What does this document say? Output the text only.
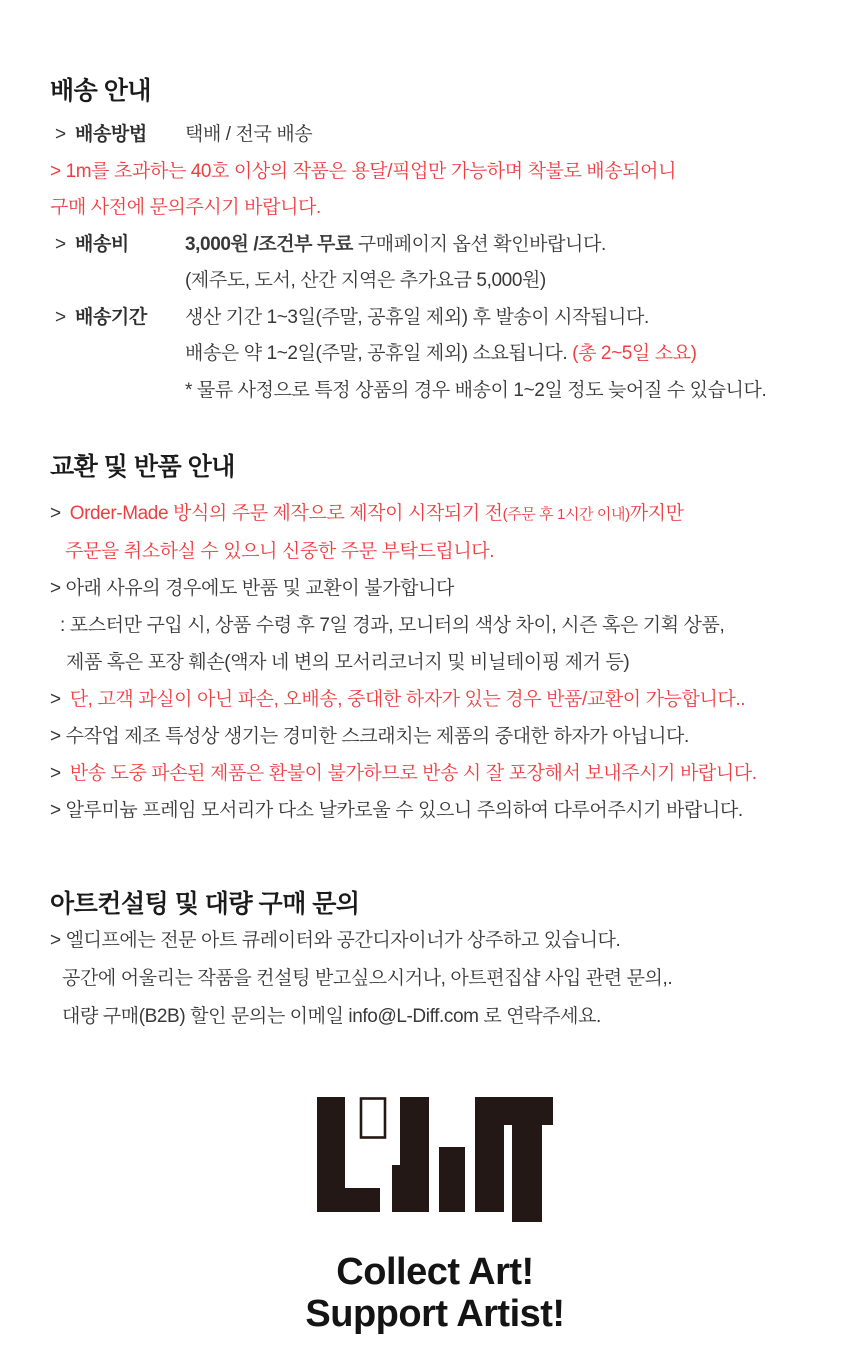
배송 안내
> 배송방법	택배 / 전국 배송
> 1m를 초과하는 40호 이상의 작품은 용달/픽업만 가능하며 착불로 배송되어니
구매 사전에 문의주시기 바랍니다.
> 배송비	3,000원 /조건부 무료 구매페이지 옵션 확인바랍니다.
(제주도, 도서, 산간 지역은 추가요금 5,000원)
> 배송기간	생산 기간 1~3일(주말, 공휴일 제외) 후 발송이 시작됩니다.
배송은 약 1~2일(주말, 공휴일 제외) 소요됩니다. (총 2~5일 소요)
* 물류 사정으로 특정 상품의 경우 배송이 1~2일 정도 늦어질 수 있습니다.
교환 및 반품 안내
> Order-Made 방식의 주문 제작으로 제작이 시작되기 전(주문 후 1시간 이내)까지만
주문을 취소하실 수 있으니 신중한 주문 부탁드립니다.
> 아래 사유의 경우에도 반품 및 교환이 불가합니다
: 포스터만 구입 시, 상품 수령 후 7일 경과, 모니터의 색상 차이, 시즌 혹은 기획 상품,
제품 혹은 포장 훼손(액자 네 변의 모서리코너지 및 비닐테이핑 제거 등)
> 단, 고객 과실이 아닌 파손, 오배송, 중대한 하자가 있는 경우 반품/교환이 가능합니다..
> 수작업 제조 특성상 생기는 경미한 스크래치는 제품의 중대한 하자가 아닙니다.
> 반송 도중 파손된 제품은 환불이 불가하므로 반송 시 잘 포장해서 보내주시기 바랍니다.
> 알루미늄 프레임 모서리가 다소 날카로울 수 있으니 주의하여 다루어주시기 바랍니다.
아트컨설팅 및 대량 구매 문의
> 엘디프에는 전문 아트 큐레이터와 공간디자이너가 상주하고 있습니다.
공간에 어울리는 작품을 컨설팅 받고싶으시거나, 아트편집샵 사입 관련 문의,.
대량 구매(B2B) 할인 문의는 이메일 info@L-Diff.com 로 연락주세요.
Collect Art!
Support Artist!
